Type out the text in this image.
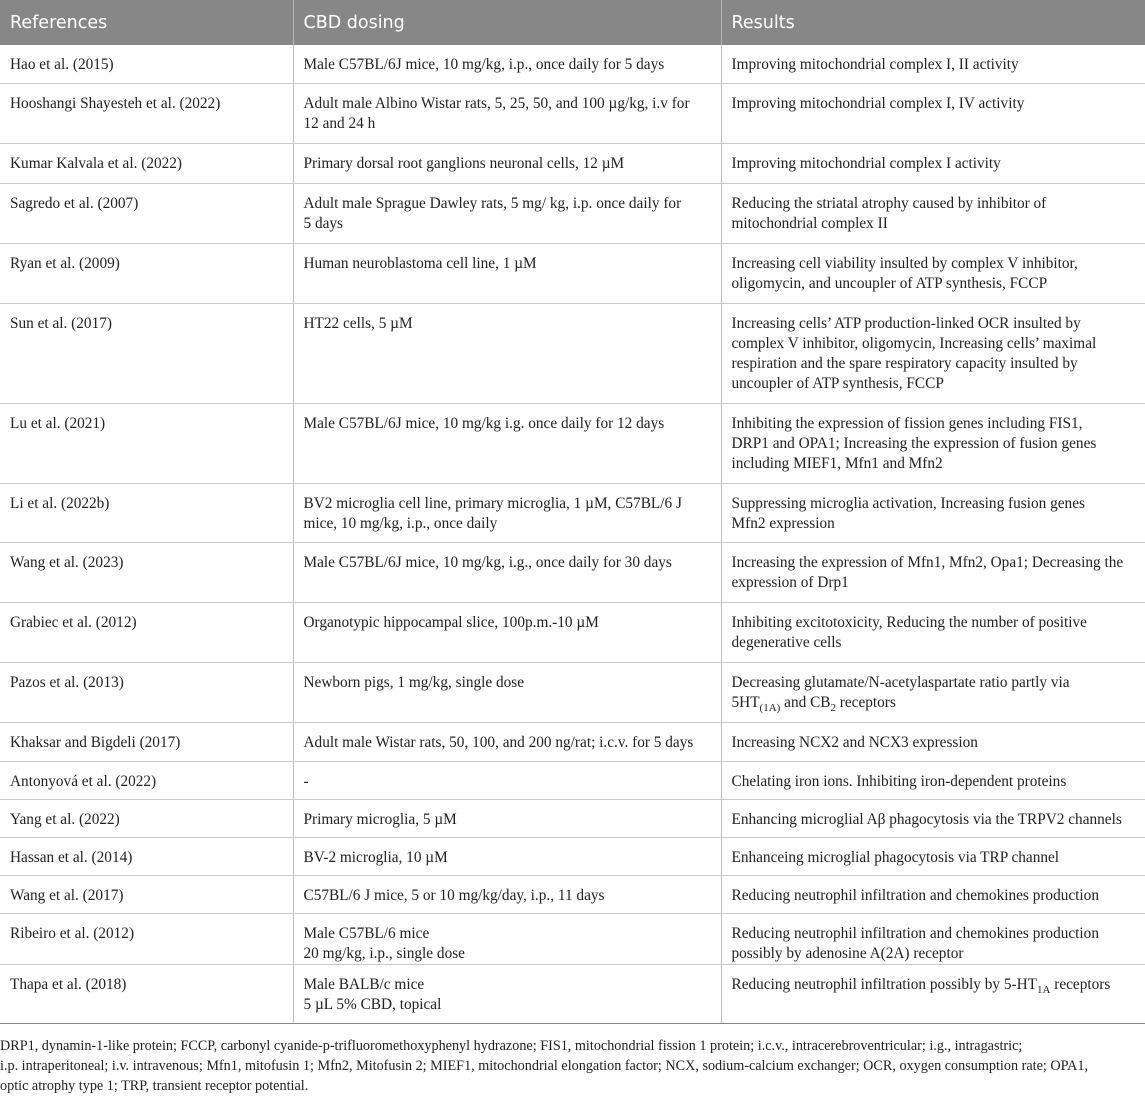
References	CBD dosing	Results

Hao et al. (2015)	Male C57BL/6J mice, 10 mg/kg, i.p., once daily for 5 days	Improving mitochondrial complex I, II activity

Hooshangi Shayesteh et al. (2022)	Adult male Albino Wistar rats, 5, 25, 50, and 100 µg/kg, i.v for
12 and 24 h	Improving mitochondrial complex I, IV activity

Kumar Kalvala et al. (2022)	Primary dorsal root ganglions neuronal cells, 12 µM	Improving mitochondrial complex I activity

Sagredo et al. (2007)	Adult male Sprague Dawley rats, 5 mg/ kg, i.p. once daily for
5 days	Reducing the striatal atrophy caused by inhibitor of
mitochondrial complex II

Ryan et al. (2009)	Human neuroblastoma cell line, 1 µM	Increasing cell viability insulted by complex V inhibitor,
oligomycin, and uncoupler of ATP synthesis, FCCP

Sun et al. (2017)	HT22 cells, 5 µM	Increasing cells’ ATP production-linked OCR insulted by
complex V inhibitor, oligomycin, Increasing cells’ maximal
respiration and the spare respiratory capacity insulted by
uncoupler of ATP synthesis, FCCP

Lu et al. (2021)	Male C57BL/6J mice, 10 mg/kg i.g. once daily for 12 days	Inhibiting the expression of fission genes including FIS1,
DRP1 and OPA1; Increasing the expression of fusion genes
including MIEF1, Mfn1 and Mfn2

Li et al. (2022b)	BV2 microglia cell line, primary microglia, 1 µM, C57BL/6 J
mice, 10 mg/kg, i.p., once daily	Suppressing microglia activation, Increasing fusion genes
Mfn2 expression

Wang et al. (2023)	Male C57BL/6J mice, 10 mg/kg, i.g., once daily for 30 days	Increasing the expression of Mfn1, Mfn2, Opa1; Decreasing the
expression of Drp1

Grabiec et al. (2012)	Organotypic hippocampal slice, 100p.m.-10 µM	Inhibiting excitotoxicity, Reducing the number of positive
degenerative cells

Pazos et al. (2013)	Newborn pigs, 1 mg/kg, single dose	Decreasing glutamate/N-acetylaspartate ratio partly via
$5HT_{(1A)}$ and $CB_2$ receptors

Khaksar and Bigdeli (2017)	Adult male Wistar rats, 50, 100, and 200 ng/rat; i.c.v. for 5 days	Increasing NCX2 and NCX3 expression

Antonyová et al. (2022)	-	Chelating iron ions. Inhibiting iron-dependent proteins

Yang et al. (2022)	Primary microglia, 5 µM	Enhancing microglial Aβ phagocytosis via the TRPV2 channels

Hassan et al. (2014)	BV-2 microglia, 10 µM	Enhanceing microglial phagocytosis via TRP channel

Wang et al. (2017)	C57BL/6 J mice, 5 or 10 mg/kg/day, i.p., 11 days	Reducing neutrophil infiltration and chemokines production

Ribeiro et al. (2012)	Male C57BL/6 mice
20 mg/kg, i.p., single dose	Reducing neutrophil infiltration and chemokines production
possibly by adenosine A(2A) receptor

Thapa et al. (2018)	Male BALB/c mice
5 µL 5% CBD, topical	Reducing neutrophil infiltration possibly by $5-HT_{1A}$ receptors
DRP1, dynamin-1-like protein; FCCP, carbonyl cyanide-p-trifluoromethoxyphenyl hydrazone; FIS1, mitochondrial fission 1 protein; i.c.v., intracerebroventricular; i.g., intragastric;
i.p. intraperitoneal; i.v. intravenous; Mfn1, mitofusin 1; Mfn2, Mitofusin 2; MIEF1, mitochondrial elongation factor; NCX, sodium-calcium exchanger; OCR, oxygen consumption rate; OPA1,
optic atrophy type 1; TRP, transient receptor potential.
